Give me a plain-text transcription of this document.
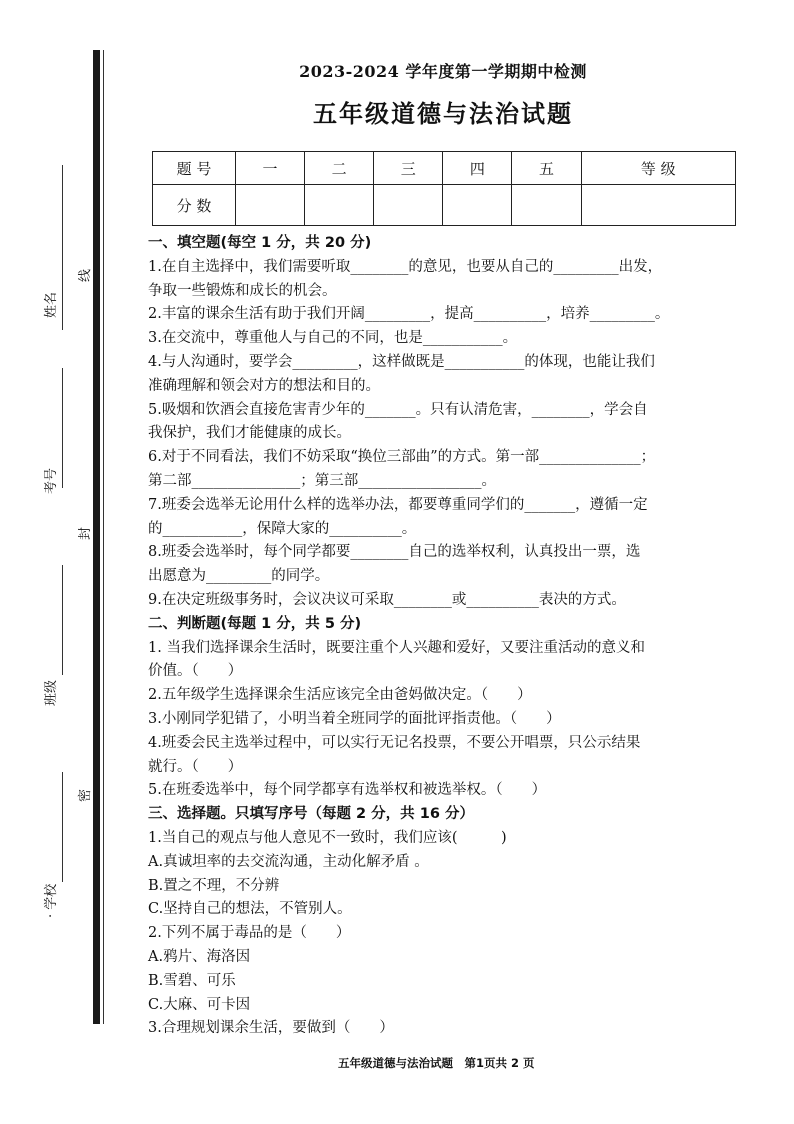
姓名
线
考号
封
班级
密
· 学校
2023-2024 学年度第一学期期中检测
五年级道德与法治试题
题 号	一	二	三	四	五	等 级
分 数						

一、填空题(每空 1 分，共 20 分)

1.在自主选择中，我们需要听取________的意见，也要从自己的_________出发，

争取一些锻炼和成长的机会。

2.丰富的课余生活有助于我们开阔_________，提高__________，培养_________。

3.在交流中，尊重他人与自己的不同，也是___________。

4.与人沟通时，要学会_________，这样做既是___________的体现，也能让我们

准确理解和领会对方的想法和目的。

5.吸烟和饮酒会直接危害青少年的_______。只有认清危害，________，学会自

我保护，我们才能健康的成长。

6.对于不同看法，我们不妨采取“换位三部曲”的方式。第一部______________；

第二部_______________；第三部_________________。

7.班委会选举无论用什么样的选举办法，都要尊重同学们的_______，遵循一定

的___________，保障大家的__________。

8.班委会选举时，每个同学都要________自己的选举权利，认真投出一票，选

出愿意为_________的同学。

9.在决定班级事务时，会议决议可采取________或__________表决的方式。

二、判断题(每题 1 分，共 5 分)

1. 当我们选择课余生活时，既要注重个人兴趣和爱好，又要注重活动的意义和

价值。（　　）

2.五年级学生选择课余生活应该完全由爸妈做决定。（　　）

3.小刚同学犯错了，小明当着全班同学的面批评指责他。（　　）

4.班委会民主选举过程中，可以实行无记名投票，不要公开唱票，只公示结果

就行。（　　）

5.在班委选举中，每个同学都享有选举权和被选举权。（　　）

三、选择题。只填写序号（每题 2 分，共 16 分）

1.当自己的观点与他人意见不一致时，我们应该(　　　)

A.真诚坦率的去交流沟通，主动化解矛盾 。

B.置之不理，不分辨

C.坚持自己的想法，不管别人。

2.下列不属于毒品的是（　　）

A.鸦片、海洛因

B.雪碧、可乐

C.大麻、可卡因

3.合理规划课余生活，要做到（　　）

五年级道德与法治试题　第1页共 2 页
